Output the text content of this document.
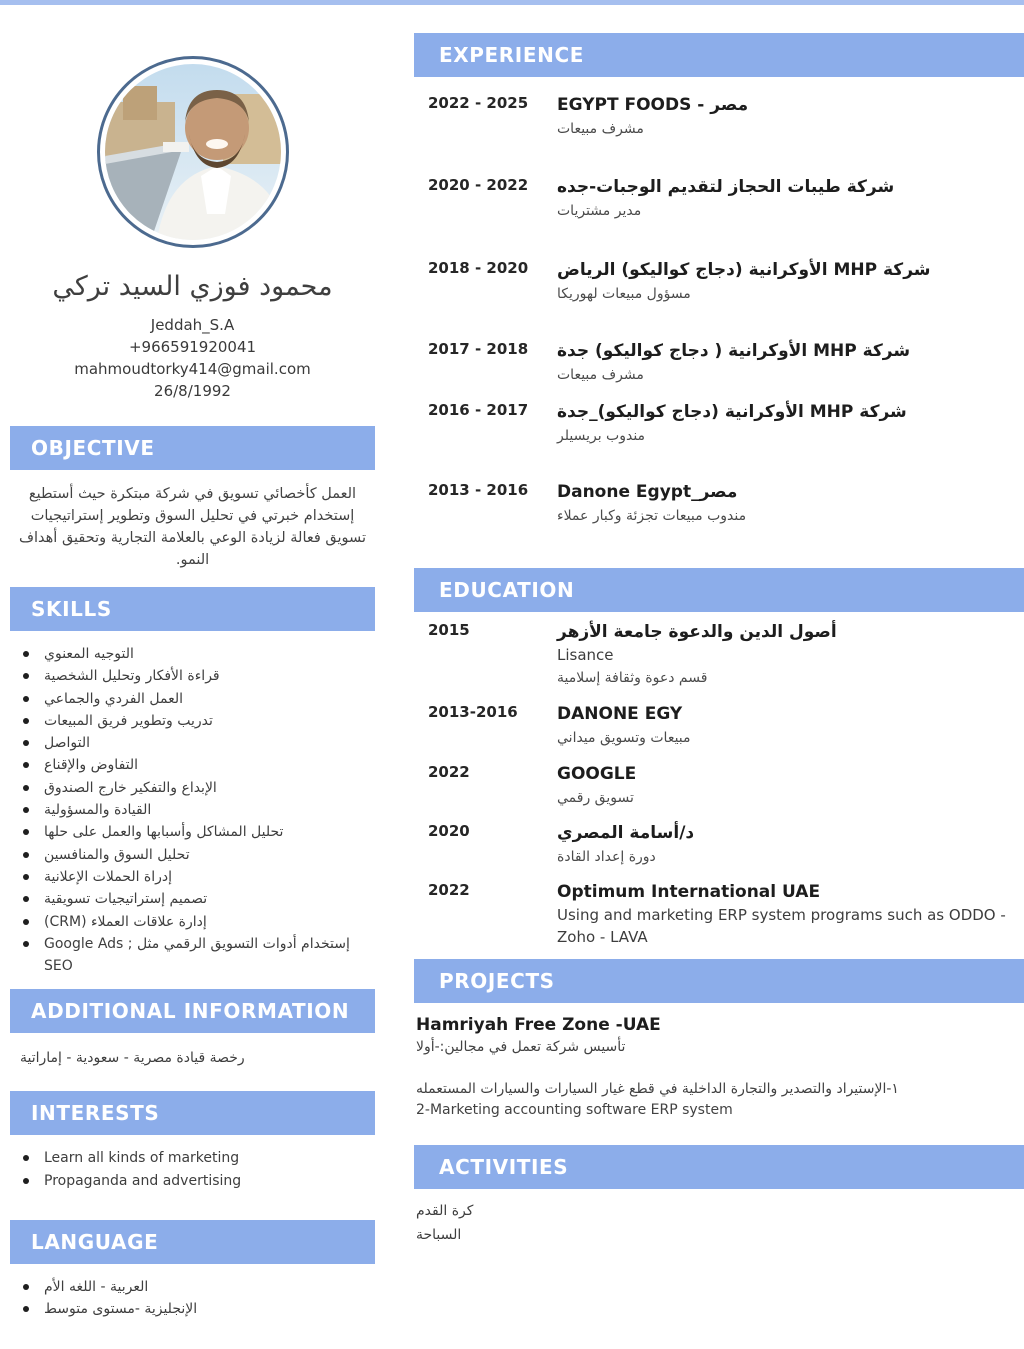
محمود فوزي السيد تركي
Jeddah_S.A
+966591920041
mahmoudtorky414@gmail.com
26/8/1992
OBJECTIVE
العمل كأخصائي تسويق في شركة مبتكرة حيث أستطيع إستخدام خبرتي في تحليل السوق وتطوير إستراتيجيات تسويق فعالة لزيادة الوعي بالعلامة التجارية وتحقيق أهداف النمو.
SKILLS
التوجيه المعنوي
قراءة الأفكار وتحليل الشخصية
العمل الفردي والجماعي
تدريب وتطوير فريق المبيعات
التواصل
التفاوض والإقناع
الإبداع والتفكير خارج الصندوق
القيادة والمسؤولية
تحليل المشاكل وأسبابها والعمل على حلها
تحليل السوق والمنافسين
إدراة الحملات الإعلانية
تصميم إستراتيجيات تسويقية
إدارة علاقات العملاء (CRM)
إستخدام أدوات التسويق الرقمي مثل Google Ads ; SEO
ADDITIONAL INFORMATION
رخصة قيادة مصرية - سعودية - إماراتية
INTERESTS
Learn all kinds of marketing
Propaganda and advertising
LANGUAGE
العربية - اللغه الأم
الإنجليزية -مستوى متوسط
EXPERIENCE
2022 - 2025	EGYPT FOODS - مصر
مشرف مبيعات
2020 - 2022	شركة طيبات الحجاز لتقديم الوجبات-جده
مدير مشتريات
2018 - 2020	شركة MHP الأوكرانية (دجاج كواليكو) الرياض
مسؤول مبيعات لهوريكا
2017 - 2018	شركة MHP الأوكرانية ( دجاج كواليكو) جدة
مشرف مبيعات
2016 - 2017	شركة MHP الأوكرانية (دجاج كواليكو)_جدة
مندوب بريسيلر
2013 - 2016	Danone Egypt_مصر
مندوب مبيعات تجزئة وكبار عملاء
EDUCATION
2015	أصول الدين والدعوة جامعة الأزهر
Lisance
قسم دعوة وثقافة إسلامية
2013-2016	DANONE EGY
مبيعات وتسويق ميداني
2022	GOOGLE
تسويق رقمي
2020	د/أسامة المصري
دورة إعداد القادة
2022	Optimum International UAE
Using and marketing ERP system programs such as ODDO - Zoho - LAVA
PROJECTS
Hamriyah Free Zone -UAE
تأسيس شركة تعمل في مجالين:-أولا
١-الإستيراد والتصدير والتجارة الداخلية في قطع غيار السيارات والسيارات المستعمله
2-Marketing accounting software ERP system
ACTIVITIES
كرة القدم
السباحة
